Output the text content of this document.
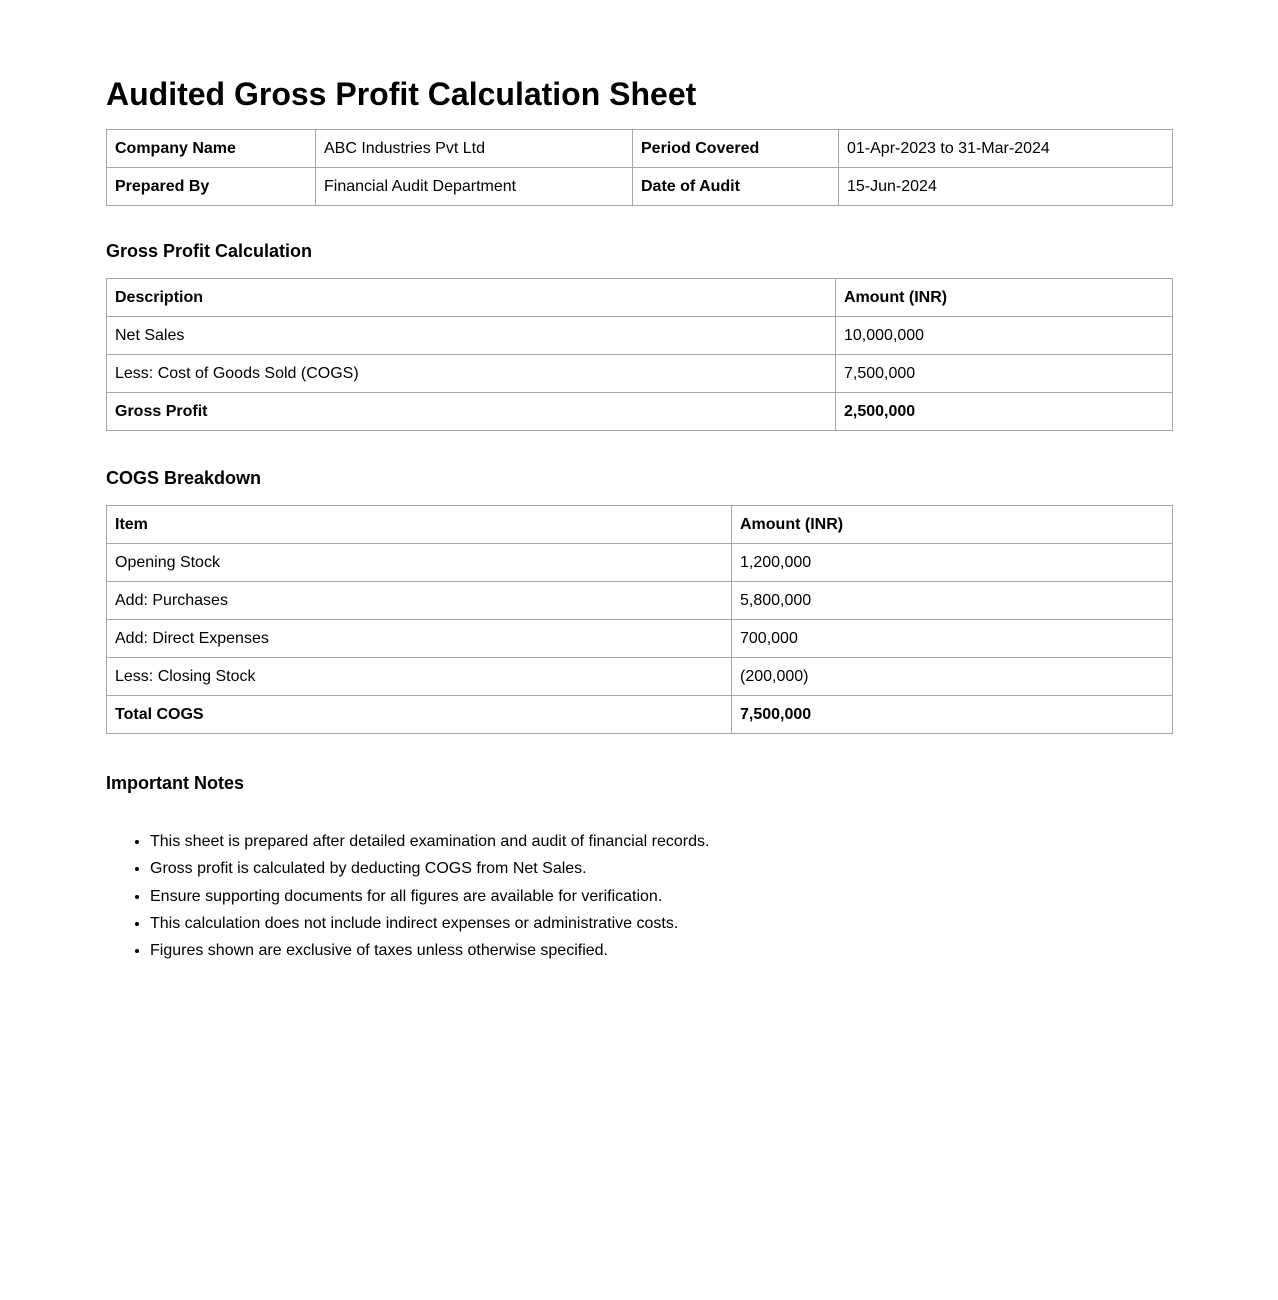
Audited Gross Profit Calculation Sheet
Company Name	ABC Industries Pvt Ltd	Period Covered	01-Apr-2023 to 31-Mar-2024
Prepared By	Financial Audit Department	Date of Audit	15-Jun-2024
Gross Profit Calculation
Description	Amount (INR)
Net Sales	10,000,000
Less: Cost of Goods Sold (COGS)	7,500,000
Gross Profit	2,500,000
COGS Breakdown
Item	Amount (INR)
Opening Stock	1,200,000
Add: Purchases	5,800,000
Add: Direct Expenses	700,000
Less: Closing Stock	(200,000)
Total COGS	7,500,000
Important Notes
• This sheet is prepared after detailed examination and audit of financial records.
• Gross profit is calculated by deducting COGS from Net Sales.
• Ensure supporting documents for all figures are available for verification.
• This calculation does not include indirect expenses or administrative costs.
• Figures shown are exclusive of taxes unless otherwise specified.
